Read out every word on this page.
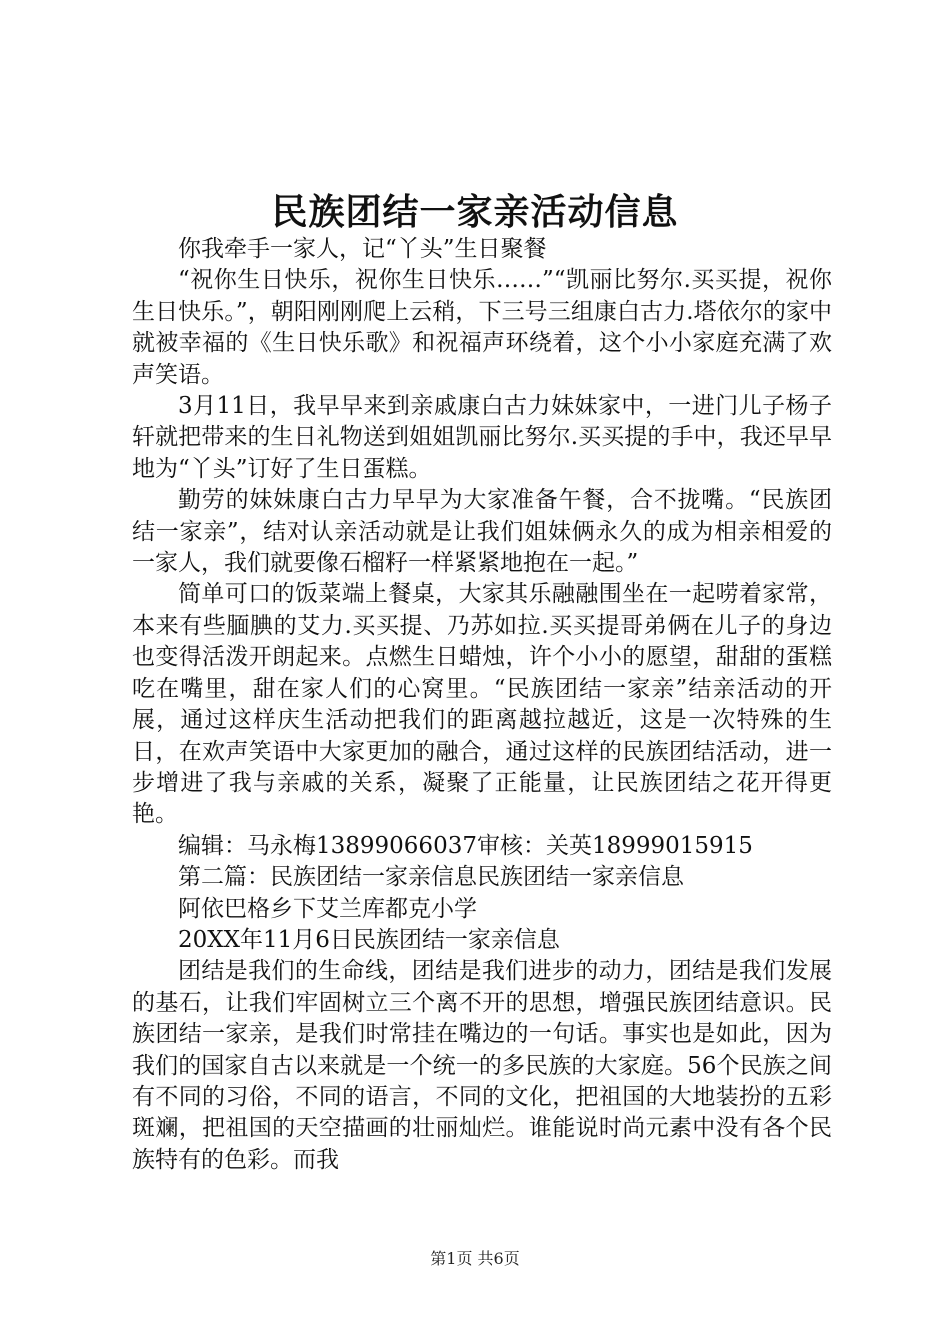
民族团结一家亲活动信息

你我牵手一家人，记“丫头”生日聚餐

“祝你生日快乐，祝你生日快乐……”“凯丽比努尔.买买提，祝你生日快乐。”，朝阳刚刚爬上云稍，下三号三组康白古力.塔依尔的家中就被幸福的《生日快乐歌》和祝福声环绕着，这个小小家庭充满了欢声笑语。

3月11日，我早早来到亲戚康白古力妹妹家中，一进门儿子杨子轩就把带来的生日礼物送到姐姐凯丽比努尔.买买提的手中，我还早早地为“丫头”订好了生日蛋糕。

勤劳的妹妹康白古力早早为大家准备午餐，合不拢嘴。“民族团结一家亲”，结对认亲活动就是让我们姐妹俩永久的成为相亲相爱的一家人，我们就要像石榴籽一样紧紧地抱在一起。”

简单可口的饭菜端上餐桌，大家其乐融融围坐在一起唠着家常，本来有些腼腆的艾力.买买提、乃苏如拉.买买提哥弟俩在儿子的身边也变得活泼开朗起来。点燃生日蜡烛，许个小小的愿望，甜甜的蛋糕吃在嘴里，甜在家人们的心窝里。“民族团结一家亲”结亲活动的开展，通过这样庆生活动把我们的距离越拉越近，这是一次特殊的生日，在欢声笑语中大家更加的融合，通过这样的民族团结活动，进一步增进了我与亲戚的关系，凝聚了正能量，让民族团结之花开得更艳。

编辑：马永梅13899066037审核：关英18999015915

第二篇：民族团结一家亲信息民族团结一家亲信息

阿依巴格乡下艾兰库都克小学

20XX年11月6日民族团结一家亲信息

团结是我们的生命线，团结是我们进步的动力，团结是我们发展的基石，让我们牢固树立三个离不开的思想，增强民族团结意识。民族团结一家亲，是我们时常挂在嘴边的一句话。事实也是如此，因为我们的国家自古以来就是一个统一的多民族的大家庭。56个民族之间有不同的习俗，不同的语言，不同的文化，把祖国的大地装扮的五彩斑斓，把祖国的天空描画的壮丽灿烂。谁能说时尚元素中没有各个民族特有的色彩。而我

第1页 共6页
